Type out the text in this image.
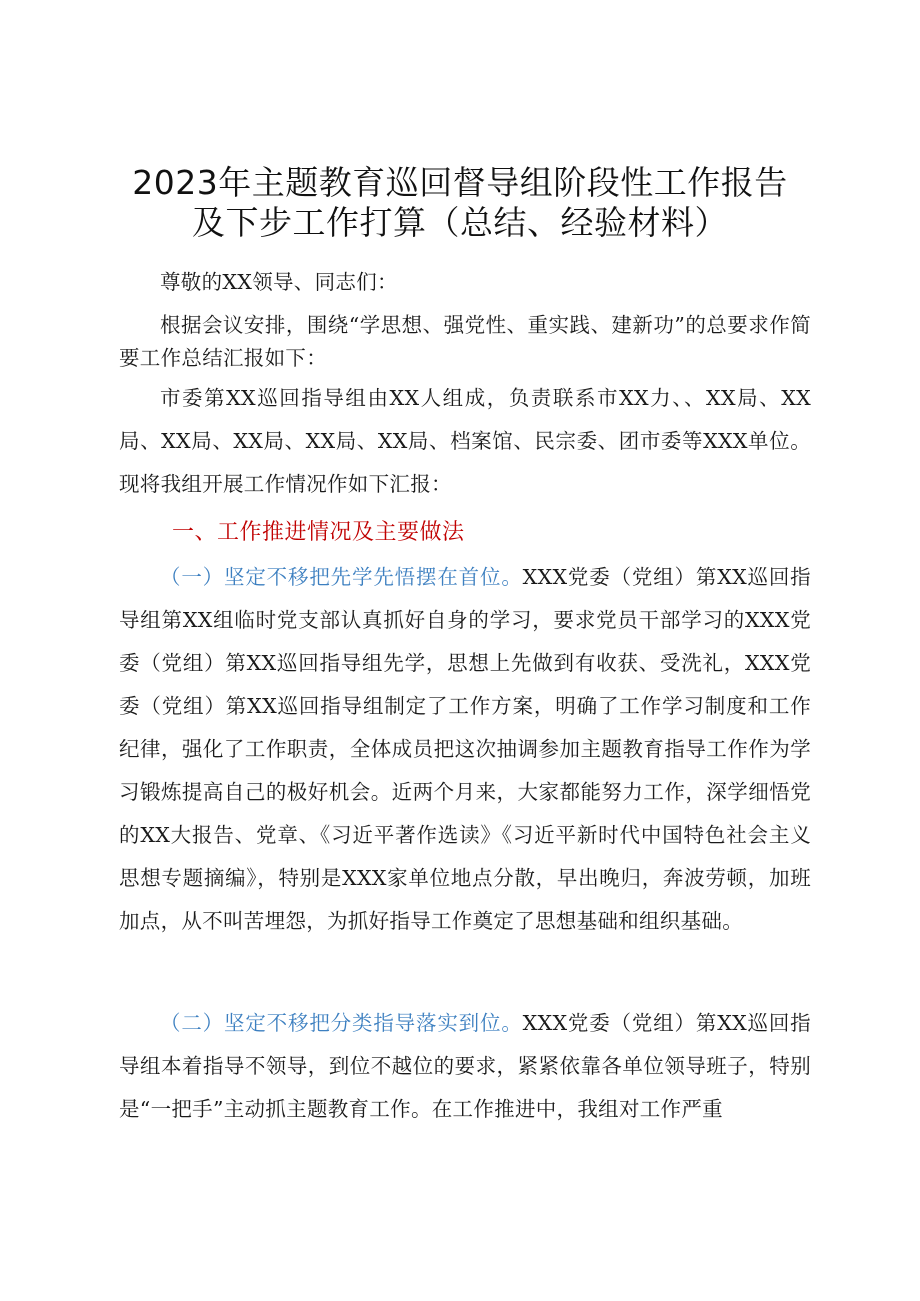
2023年主题教育巡回督导组阶段性工作报告
及下步工作打算（总结、经验材料）
尊敬的XX领导、同志们：
根据会议安排，围绕“学思想、强党性、重实践、建新功”的总要求作简要工作总结汇报如下：
市委第XX巡回指导组由XX人组成，负责联系市XX力、、XX局、XX局、XX局、XX局、XX局、XX局、档案馆、民宗委、团市委等XXX单位。现将我组开展工作情况作如下汇报：
一、工作推进情况及主要做法
（一）坚定不移把先学先悟摆在首位。XXX党委（党组）第XX巡回指导组第XX组临时党支部认真抓好自身的学习，要求党员干部学习的XXX党委（党组）第XX巡回指导组先学，思想上先做到有收获、受洗礼，XXX党委（党组）第XX巡回指导组制定了工作方案，明确了工作学习制度和工作纪律，强化了工作职责，全体成员把这次抽调参加主题教育指导工作作为学习锻炼提高自己的极好机会。近两个月来，大家都能努力工作，深学细悟党的XX大报告、党章、《习近平著作选读》《习近平新时代中国特色社会主义思想专题摘编》，特别是XXX家单位地点分散，早出晚归，奔波劳顿，加班加点，从不叫苦埋怨，为抓好指导工作奠定了思想基础和组织基础。
（二）坚定不移把分类指导落实到位。XXX党委（党组）第XX巡回指导组本着指导不领导，到位不越位的要求，紧紧依靠各单位领导班子，特别是“一把手”主动抓主题教育工作。在工作推进中，我组对工作严重
